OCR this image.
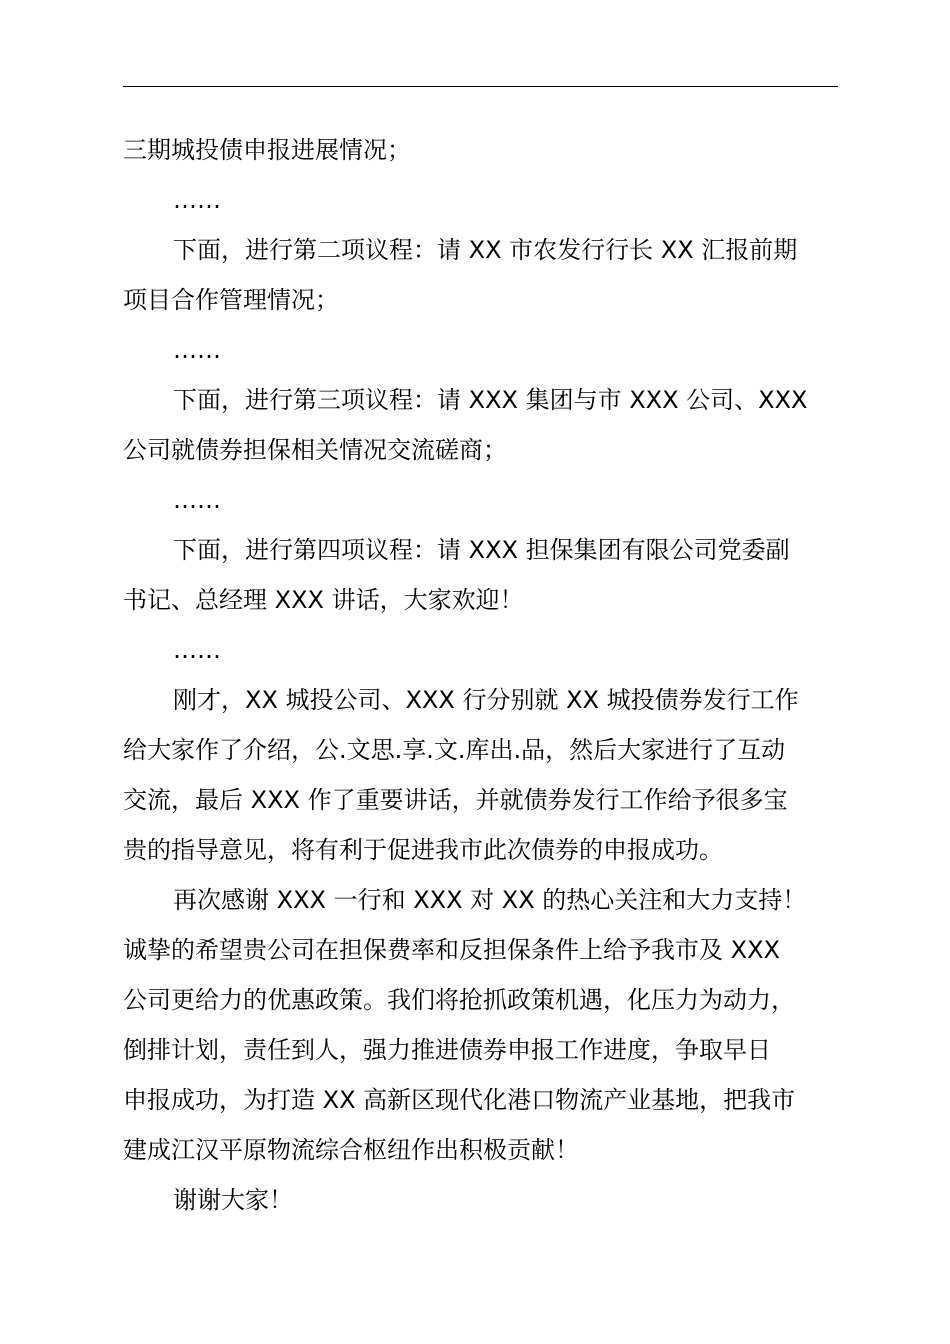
三期城投债申报进展情况；
……
下面，进行第二项议程：请 XX 市农发行行长 XX 汇报前期
项目合作管理情况；
……
下面，进行第三项议程：请 XXX 集团与市 XXX 公司、XXX
公司就债券担保相关情况交流磋商；
……
下面，进行第四项议程：请 XXX 担保集团有限公司党委副
书记、总经理 XXX 讲话，大家欢迎！
……
刚才，XX 城投公司、XXX 行分别就 XX 城投债券发行工作
给大家作了介绍，公.文思.享.文.库出.品，然后大家进行了互动
交流，最后 XXX 作了重要讲话，并就债券发行工作给予很多宝
贵的指导意见，将有利于促进我市此次债券的申报成功。
再次感谢 XXX 一行和 XXX 对 XX 的热心关注和大力支持！
诚挚的希望贵公司在担保费率和反担保条件上给予我市及 XXX
公司更给力的优惠政策。我们将抢抓政策机遇，化压力为动力，
倒排计划，责任到人，强力推进债券申报工作进度，争取早日
申报成功，为打造 XX 高新区现代化港口物流产业基地，把我市
建成江汉平原物流综合枢纽作出积极贡献！
谢谢大家！
